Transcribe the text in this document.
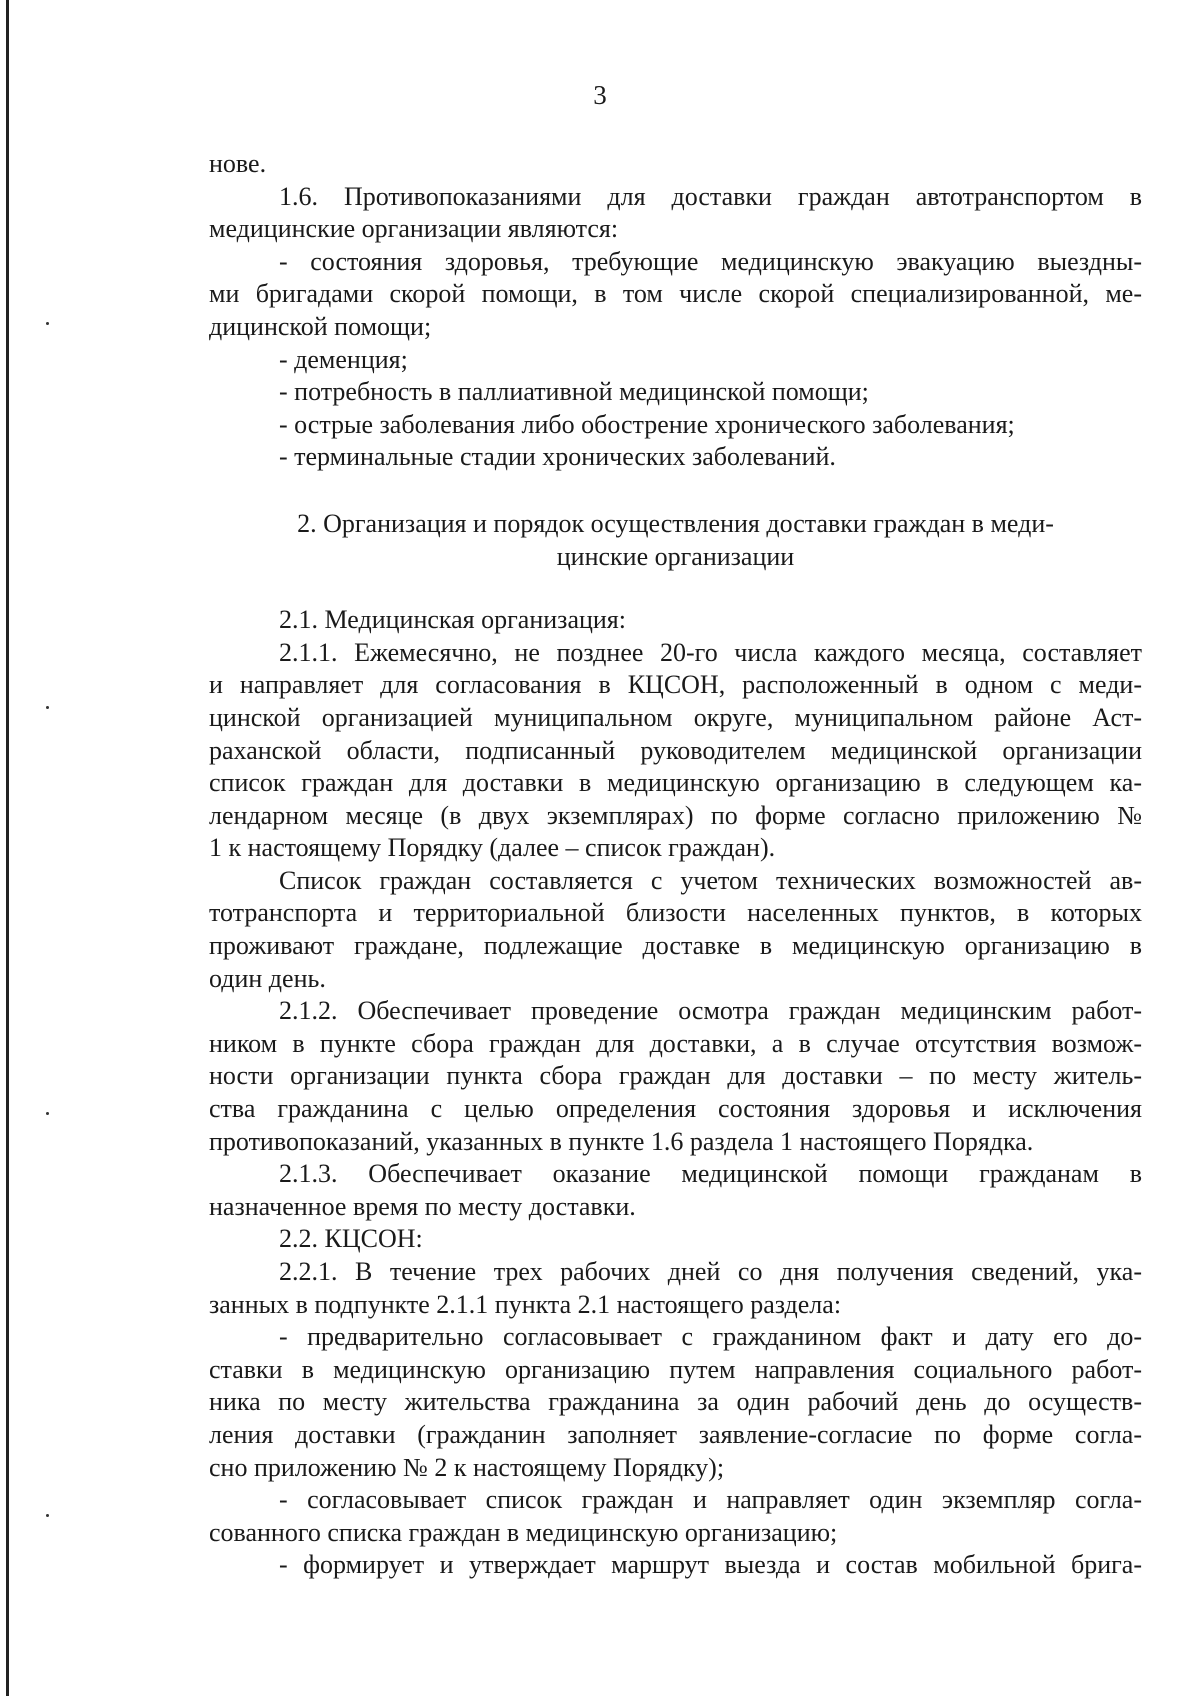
3

нове.

1.6. Противопоказаниями для доставки граждан автотранспортом в

медицинские организации являются:

- состояния здоровья, требующие медицинскую эвакуацию выездны-

ми бригадами скорой помощи, в том числе скорой специализированной, ме-

дицинской помощи;

- деменция;

- потребность в паллиативной медицинской помощи;

- острые заболевания либо обострение хронического заболевания;

- терминальные стадии хронических заболеваний.

2. Организация и порядок осуществления доставки граждан в меди-

цинские организации

2.1. Медицинская организация:

2.1.1. Ежемесячно, не позднее 20-го числа каждого месяца, составляет

и направляет для согласования в КЦСОН, расположенный в одном с меди-

цинской организацией муниципальном округе, муниципальном районе Аст-

раханской области, подписанный руководителем медицинской организации

список граждан для доставки в медицинскую организацию в следующем ка-

лендарном месяце (в двух экземплярах) по форме согласно приложению №

1 к настоящему Порядку (далее – список граждан).

Список граждан составляется с учетом технических возможностей ав-

тотранспорта и территориальной близости населенных пунктов, в которых

проживают граждане, подлежащие доставке в медицинскую организацию в

один день.

2.1.2. Обеспечивает проведение осмотра граждан медицинским работ-

ником в пункте сбора граждан для доставки, а в случае отсутствия возмож-

ности организации пункта сбора граждан для доставки – по месту житель-

ства гражданина с целью определения состояния здоровья и исключения

противопоказаний, указанных в пункте 1.6 раздела 1 настоящего Порядка.

2.1.3. Обеспечивает оказание медицинской помощи гражданам в

назначенное время по месту доставки.

2.2. КЦСОН:

2.2.1. В течение трех рабочих дней со дня получения сведений, ука-

занных в подпункте 2.1.1 пункта 2.1 настоящего раздела:

- предварительно согласовывает с гражданином факт и дату его до-

ставки в медицинскую организацию путем направления социального работ-

ника по месту жительства гражданина за один рабочий день до осуществ-

ления доставки (гражданин заполняет заявление-согласие по форме согла-

сно приложению № 2 к настоящему Порядку);

- согласовывает список граждан и направляет один экземпляр согла-

сованного списка граждан в медицинскую организацию;

- формирует и утверждает маршрут выезда и состав мобильной брига-
